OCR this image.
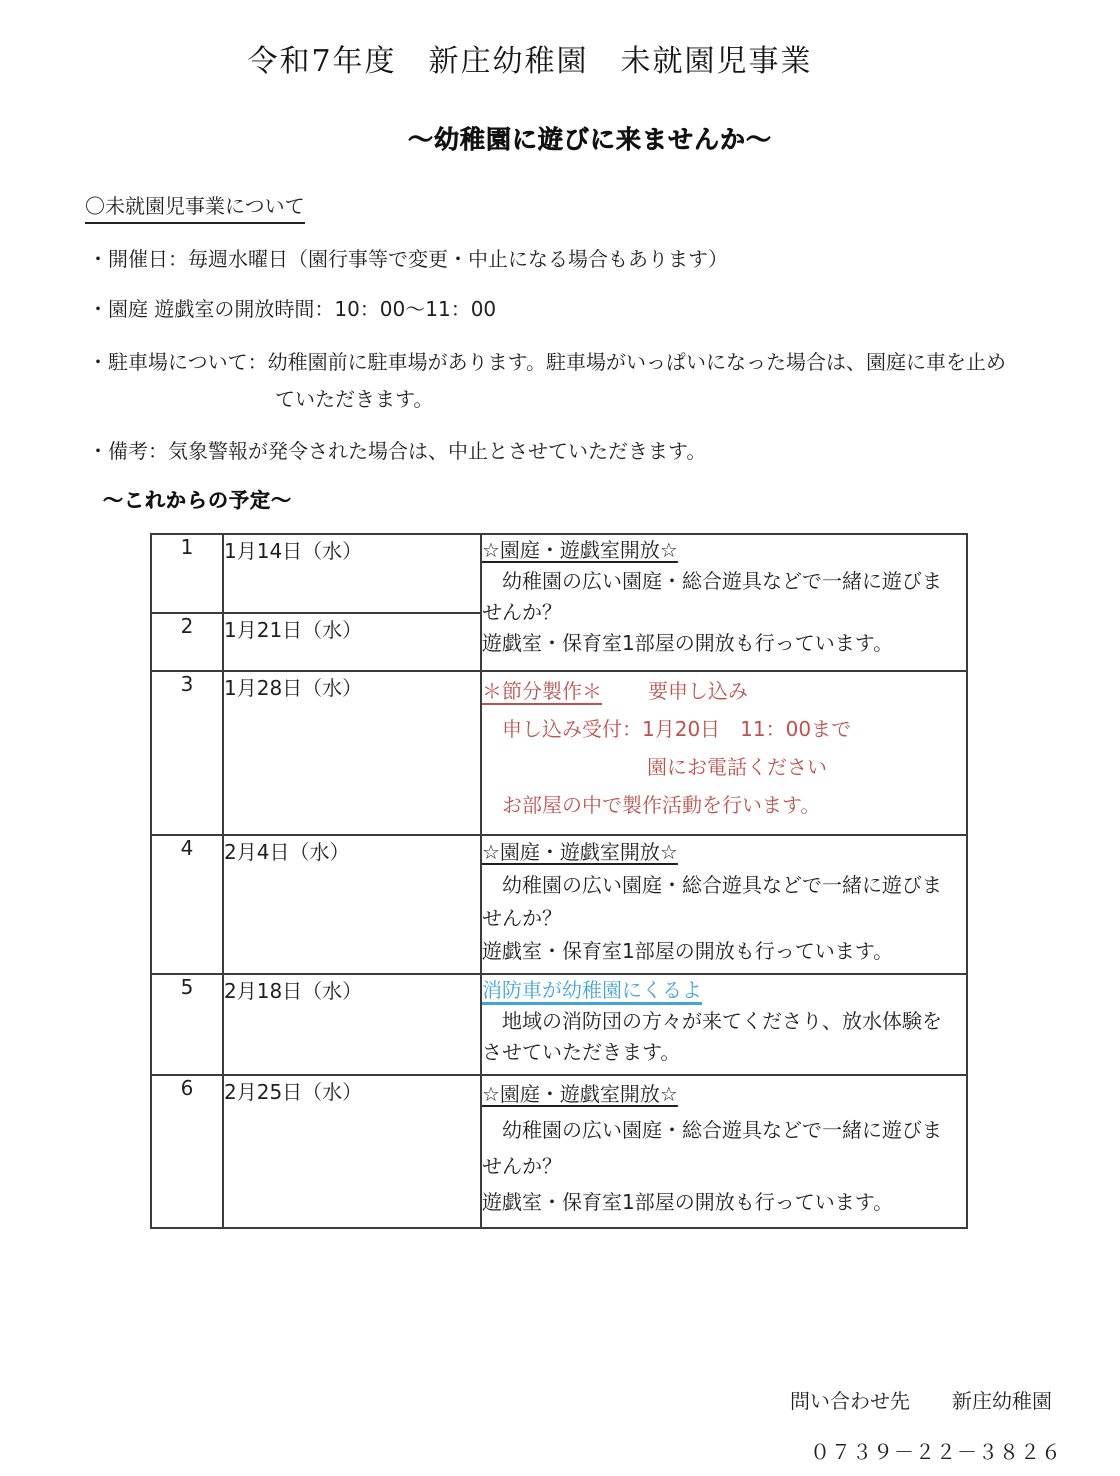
令和7年度　新庄幼稚園　未就園児事業
～幼稚園に遊びに来ませんか～
〇未就園児事業について
・開催日：毎週水曜日（園行事等で変更・中止になる場合もあります）
・園庭 遊戯室の開放時間：10：00～11：00
・駐車場について：幼稚園前に駐車場があります。駐車場がいっぱいになった場合は、園庭に車を止め
ていただきます。
・備考：気象警報が発令された場合は、中止とさせていただきます。
～これからの予定～
1	1月14日（水）	☆園庭・遊戯室開放☆
　幼稚園の広い園庭・総合遊具などで一緒に遊びま
せんか？
遊戯室・保育室1部屋の開放も行っています。

2	1月21日（水）	
3	1月28日（水）	＊節分製作＊ 要申し込み
　申し込み受付：1月20日　11：00まで
園にお電話ください
　お部屋の中で製作活動を行います。

4	2月4日（水）	☆園庭・遊戯室開放☆
　幼稚園の広い園庭・総合遊具などで一緒に遊びま
せんか？
遊戯室・保育室1部屋の開放も行っています。

5	2月18日（水）	消防車が幼稚園にくるよ
　地域の消防団の方々が来てくださり、放水体験を
させていただきます。

6	2月25日（水）	☆園庭・遊戯室開放☆
　幼稚園の広い園庭・総合遊具などで一緒に遊びま
せんか？
遊戯室・保育室1部屋の開放も行っています。
問い合わせ先 新庄幼稚園
０７３９－２２－３８２６
